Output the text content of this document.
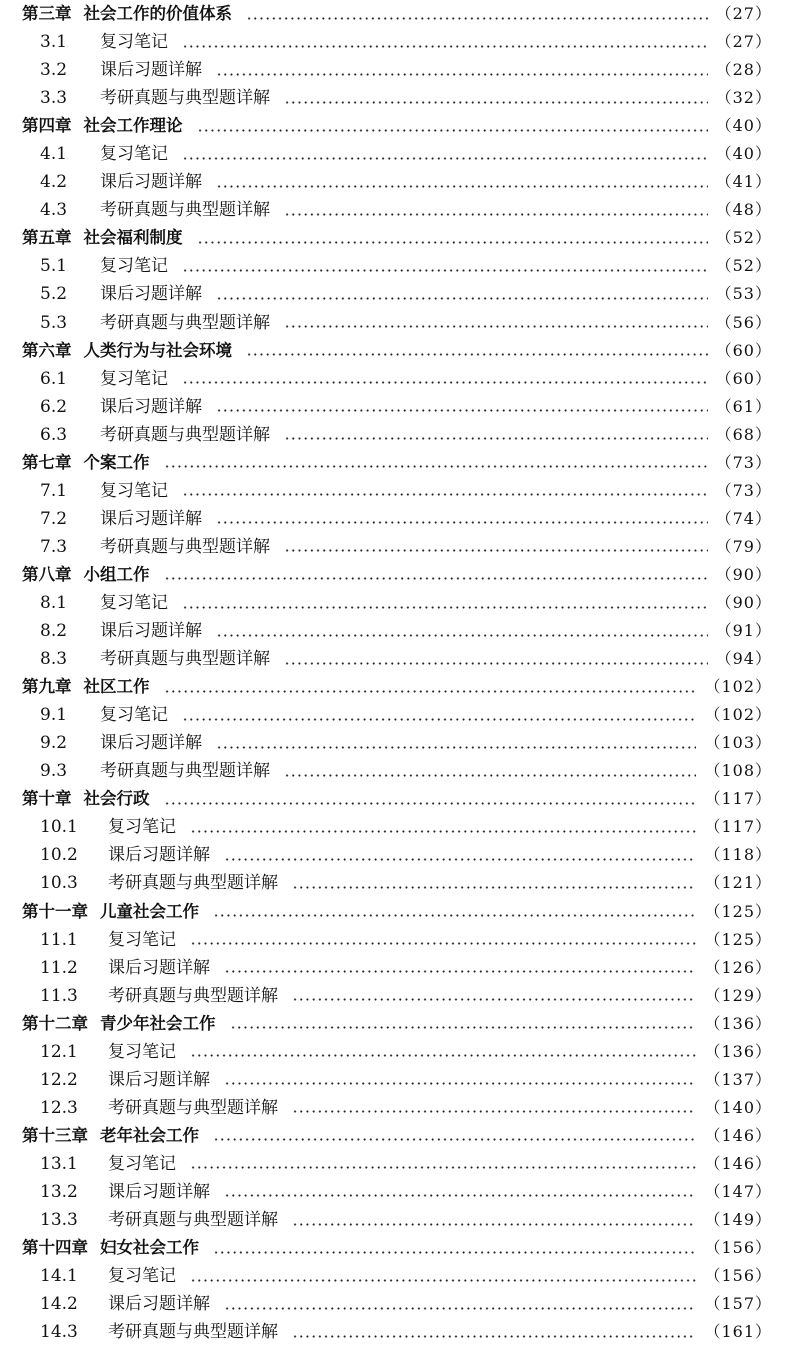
第三章 社会工作的价值体系	（27）
3.1	复习笔记	（27）
3.2	课后习题详解	（28）
3.3	考研真题与典型题详解	（32）
第四章 社会工作理论	（40）
4.1	复习笔记	（40）
4.2	课后习题详解	（41）
4.3	考研真题与典型题详解	（48）
第五章 社会福利制度	（52）
5.1	复习笔记	（52）
5.2	课后习题详解	（53）
5.3	考研真题与典型题详解	（56）
第六章 人类行为与社会环境	（60）
6.1	复习笔记	（60）
6.2	课后习题详解	（61）
6.3	考研真题与典型题详解	（68）
第七章 个案工作	（73）
7.1	复习笔记	（73）
7.2	课后习题详解	（74）
7.3	考研真题与典型题详解	（79）
第八章 小组工作	（90）
8.1	复习笔记	（90）
8.2	课后习题详解	（91）
8.3	考研真题与典型题详解	（94）
第九章 社区工作	（102）
9.1	复习笔记	（102）
9.2	课后习题详解	（103）
9.3	考研真题与典型题详解	（108）
第十章 社会行政	（117）
10.1	复习笔记	（117）
10.2	课后习题详解	（118）
10.3	考研真题与典型题详解	（121）
第十一章 儿童社会工作	（125）
11.1	复习笔记	（125）
11.2	课后习题详解	（126）
11.3	考研真题与典型题详解	（129）
第十二章 青少年社会工作	（136）
12.1	复习笔记	（136）
12.2	课后习题详解	（137）
12.3	考研真题与典型题详解	（140）
第十三章 老年社会工作	（146）
13.1	复习笔记	（146）
13.2	课后习题详解	（147）
13.3	考研真题与典型题详解	（149）
第十四章 妇女社会工作	（156）
14.1	复习笔记	（156）
14.2	课后习题详解	（157）
14.3	考研真题与典型题详解	（161）
